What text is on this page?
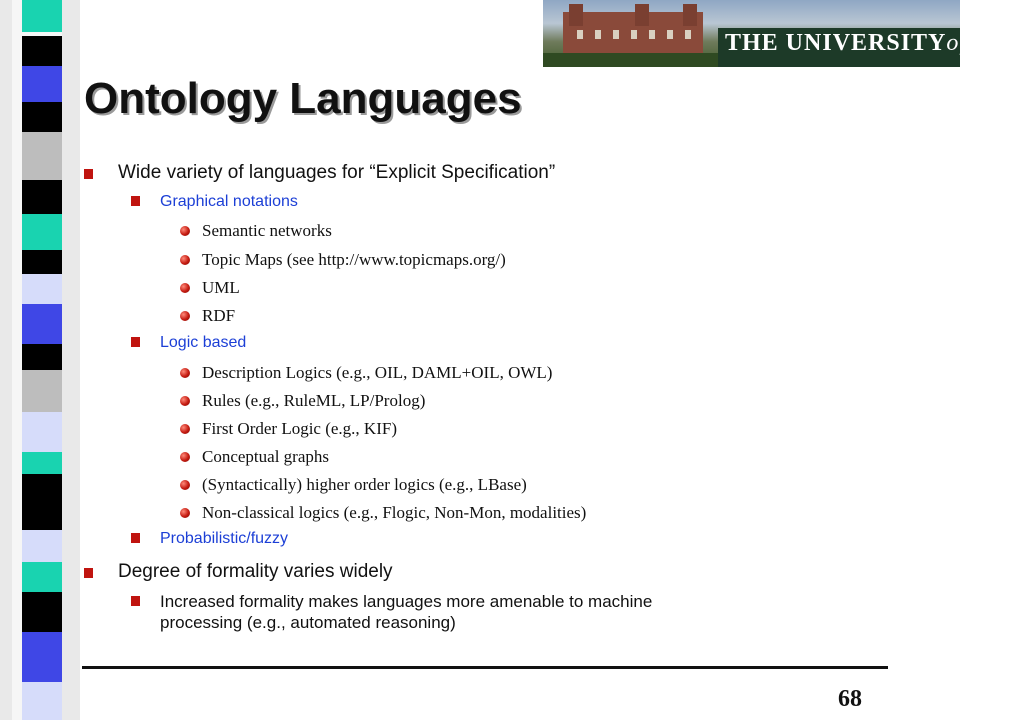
THE UNIVERSITYof York
Ontology Languages
Wide variety of languages for “Explicit Specification”
Graphical notations
Semantic networks
Topic Maps (see http://www.topicmaps.org/)
UML
RDF
Logic based
Description Logics (e.g., OIL, DAML+OIL, OWL)
Rules (e.g., RuleML, LP/Prolog)
First Order Logic (e.g., KIF)
Conceptual graphs
(Syntactically) higher order logics (e.g., LBase)
Non-classical logics (e.g., Flogic, Non-Mon, modalities)
Probabilistic/fuzzy
Degree of formality varies widely
Increased formality makes languages more amenable to machine
processing (e.g., automated reasoning)
68
